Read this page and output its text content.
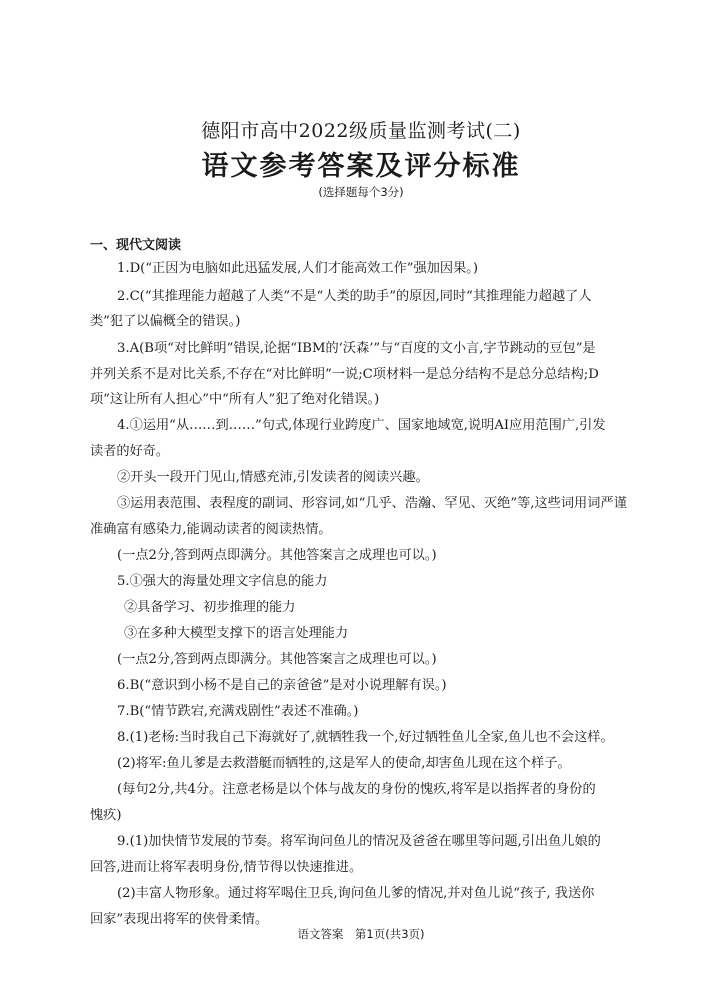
德阳市高中2022级质量监测考试(二)
语文参考答案及评分标准
(选择题每个3分)
一、现代文阅读
1.D(“正因为电脑如此迅猛发展,人们才能高效工作”强加因果。)
2.C(“其推理能力超越了人类”不是“人类的助手”的原因,同时“其推理能力超越了人
类”犯了以偏概全的错误。)
3.A(B项“对比鲜明”错误,论据“IBM的‘沃森’”与“百度的文小言,字节跳动的豆包”是
并列关系不是对比关系,不存在“对比鲜明”一说;C项材料一是总分结构不是总分总结构;D
项“这让所有人担心”中“所有人”犯了绝对化错误。)
4.①运用“从……到……”句式,体现行业跨度广、国家地域宽,说明AI应用范围广,引发
读者的好奇。
②开头一段开门见山,情感充沛,引发读者的阅读兴趣。
③运用表范围、表程度的副词、形容词,如“几乎、浩瀚、罕见、灭绝”等,这些词用词严谨
准确富有感染力,能调动读者的阅读热情。
(一点2分,答到两点即满分。其他答案言之成理也可以。)
5.①强大的海量处理文字信息的能力
②具备学习、初步推理的能力
③在多种大模型支撑下的语言处理能力
(一点2分,答到两点即满分。其他答案言之成理也可以。)
6.B(“意识到小杨不是自己的亲爸爸”是对小说理解有误。)
7.B(“情节跌宕,充满戏剧性”表述不准确。)
8.(1)老杨:当时我自己下海就好了,就牺牲我一个,好过牺牲鱼儿全家,鱼儿也不会这样。
(2)将军:鱼儿爹是去救潜艇而牺牲的,这是军人的使命,却害鱼儿现在这个样子。
(每句2分,共4分。注意老杨是以个体与战友的身份的愧疚,将军是以指挥者的身份的
愧疚)
9.(1)加快情节发展的节奏。将军询问鱼儿的情况及爸爸在哪里等问题,引出鱼儿娘的
回答,进而让将军表明身份,情节得以快速推进。
(2)丰富人物形象。通过将军喝住卫兵,询问鱼儿爹的情况,并对鱼儿说“孩子, 我送你
回家”表现出将军的侠骨柔情。
语文答案　第1页(共3页)
